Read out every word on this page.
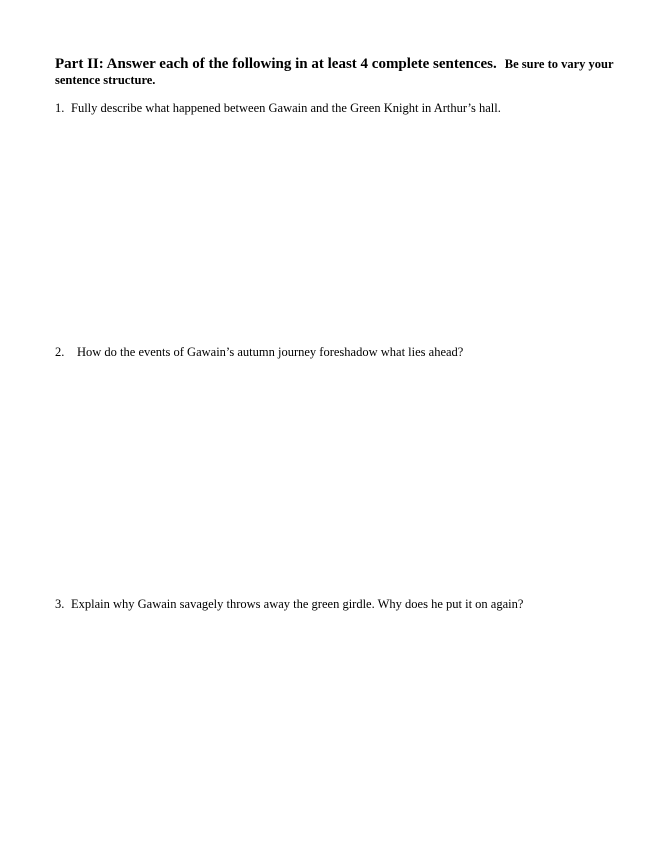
Part II: Answer each of the following in at least 4 complete sentences. Be sure to vary your sentence structure.
1. Fully describe what happened between Gawain and the Green Knight in Arthur’s hall.
2. How do the events of Gawain’s autumn journey foreshadow what lies ahead?
3. Explain why Gawain savagely throws away the green girdle. Why does he put it on again?
